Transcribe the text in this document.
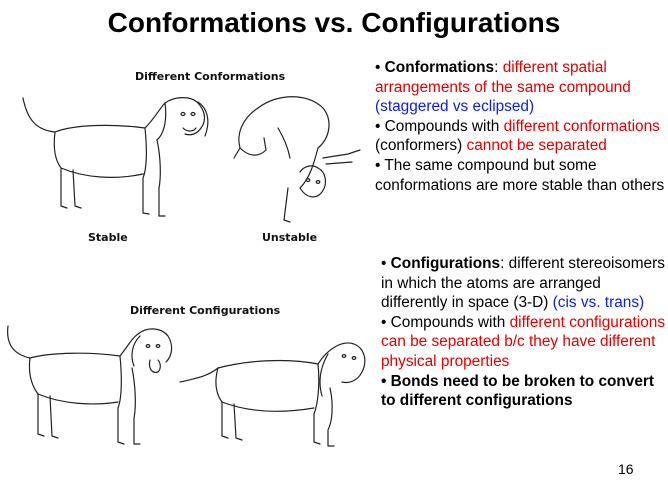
Conformations vs. Configurations
Different Conformations
Stable	Unstable
Different Configurations

• Conformations: different spatial arrangements of the same compound (staggered vs eclipsed)

• Compounds with different conformations (conformers) cannot be separated

• The same compound but some conformations are more stable than others

• Configurations: different stereoisomers in which the atoms are arranged differently in space (3-D) (cis vs. trans)

• Compounds with different configurations can be separated b/c they have different physical properties

• Bonds need to be broken to convert to different configurations

16
